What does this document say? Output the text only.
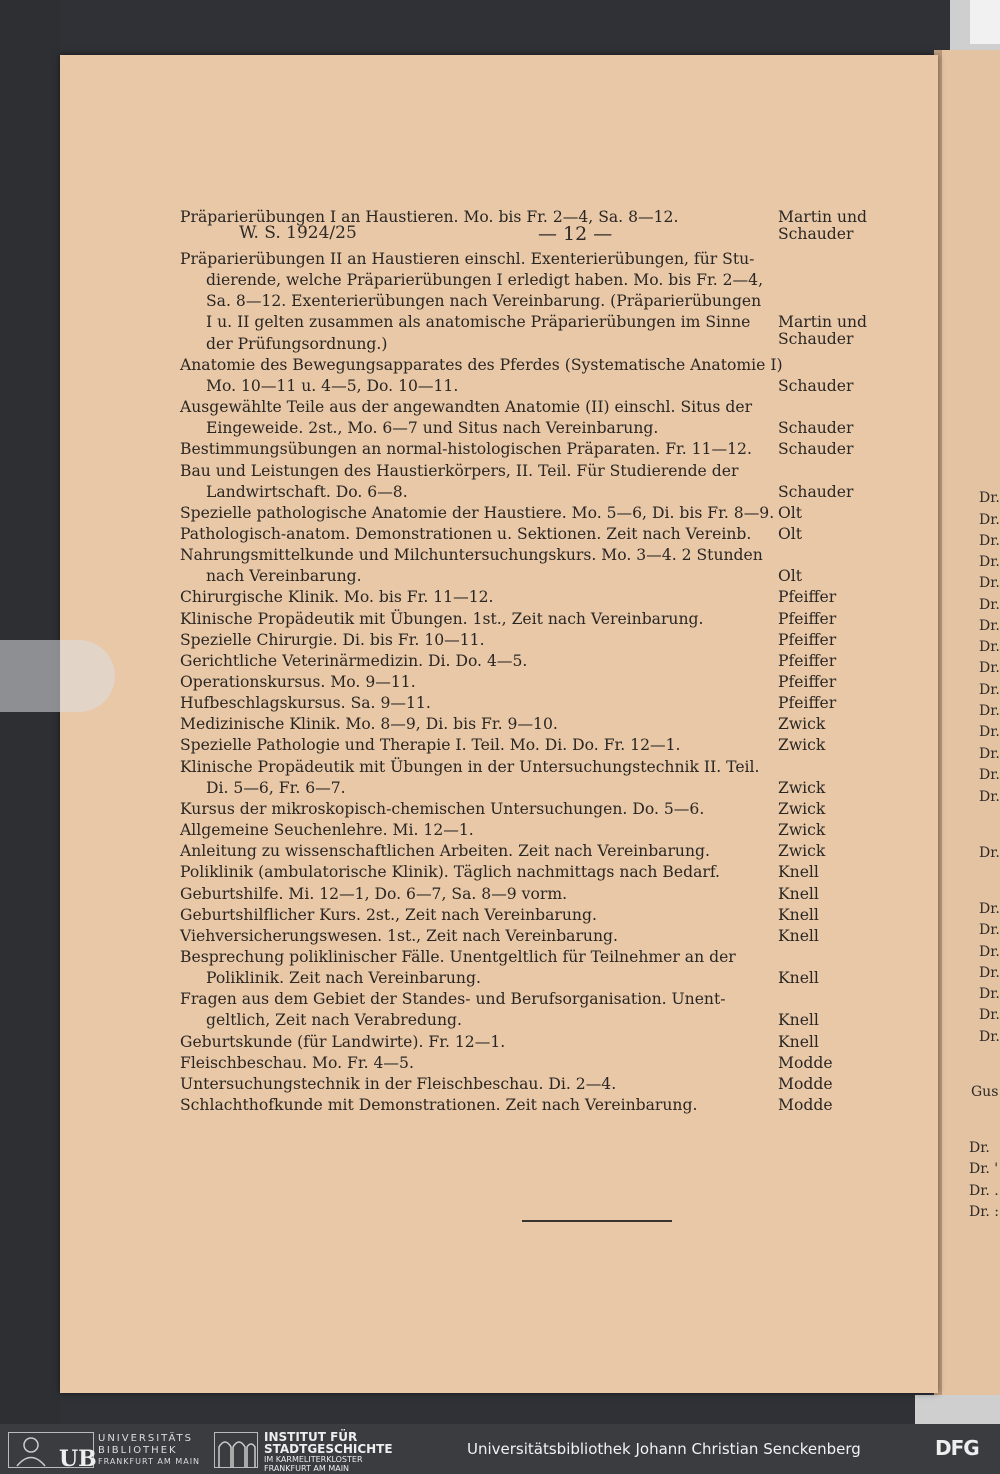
W. S. 1924/25	— 12 —
Präparierübungen I an Haustieren. Mo. bis Fr. 2—4, Sa. 8—12.	Martin und
Schauder
Präparierübungen II an Haustieren einschl. Exenterierübungen, für Stu-
dierende, welche Präparierübungen I erledigt haben. Mo. bis Fr. 2—4,
Sa. 8—12. Exenterierübungen nach Vereinbarung. (Präparierübungen
I u. II gelten zusammen als anatomische Präparierübungen im Sinne
der Prüfungsordnung.)
Martin und
Schauder
Anatomie des Bewegungsapparates des Pferdes (Systematische Anatomie I)
Mo. 10—11 u. 4—5, Do. 10—11.	Schauder
Ausgewählte Teile aus der angewandten Anatomie (II) einschl. Situs der
Eingeweide. 2st., Mo. 6—7 und Situs nach Vereinbarung.	Schauder
Bestimmungsübungen an normal-histologischen Präparaten. Fr. 11—12. Schauder
Bau und Leistungen des Haustierkörpers, II. Teil. Für Studierende der
Landwirtschaft. Do. 6—8.	Schauder
Spezielle pathologische Anatomie der Haustiere. Mo. 5—6, Di. bis Fr. 8—9. Olt
Pathologisch-anatom. Demonstrationen u. Sektionen. Zeit nach Vereinb. Olt
Nahrungsmittelkunde und Milchuntersuchungskurs. Mo. 3—4. 2 Stunden
nach Vereinbarung.	Olt
Chirurgische Klinik. Mo. bis Fr. 11—12.	Pfeiffer
Klinische Propädeutik mit Übungen. 1st., Zeit nach Vereinbarung.	Pfeiffer
Spezielle Chirurgie. Di. bis Fr. 10—11.	Pfeiffer
Gerichtliche Veterinärmedizin. Di. Do. 4—5.	Pfeiffer
Operationskursus. Mo. 9—11.	Pfeiffer
Hufbeschlagskursus. Sa. 9—11.	Pfeiffer
Medizinische Klinik. Mo. 8—9, Di. bis Fr. 9—10.	Zwick
Spezielle Pathologie und Therapie I. Teil. Mo. Di. Do. Fr. 12—1.	Zwick
Klinische Propädeutik mit Übungen in der Untersuchungstechnik II. Teil.
Di. 5—6, Fr. 6—7.	Zwick
Kursus der mikroskopisch-chemischen Untersuchungen. Do. 5—6.	Zwick
Allgemeine Seuchenlehre. Mi. 12—1.	Zwick
Anleitung zu wissenschaftlichen Arbeiten. Zeit nach Vereinbarung.	Zwick
Poliklinik (ambulatorische Klinik). Täglich nachmittags nach Bedarf.	Knell
Geburtshilfe. Mi. 12—1, Do. 6—7, Sa. 8—9 vorm.	Knell
Geburtshilflicher Kurs. 2st., Zeit nach Vereinbarung.	Knell
Viehversicherungswesen. 1st., Zeit nach Vereinbarung.	Knell
Besprechung poliklinischer Fälle. Unentgeltlich für Teilnehmer an der
Poliklinik. Zeit nach Vereinbarung.	Knell
Fragen aus dem Gebiet der Standes- und Berufsorganisation. Unent-
geltlich, Zeit nach Verabredung.	Knell
Geburtskunde (für Landwirte). Fr. 12—1.	Knell
Fleischbeschau. Mo. Fr. 4—5.	Modde
Untersuchungstechnik in der Fleischbeschau. Di. 2—4.	Modde
Schlachthofkunde mit Demonstrationen. Zeit nach Vereinbarung.	Modde
Dr.
Dr.
Dr.
Dr.
Dr.
Dr.
Dr.
Dr.
Dr.
Dr.
Dr.
Dr.
Dr.
Dr.
Dr.
Dr.
Dr.
Dr.
Dr.
Dr.
Dr.
Dr.
Dr.
Gus
Dr.
Dr. '
Dr. .
Dr. :
UB
UNIVERSITÄTS
BIBLIOTHEK
FRANKFURT AM MAIN
INSTITUT FÜR
STADTGESCHICHTE
IM KARMELITERKLOSTER
FRANKFURT AM MAIN
Universitätsbibliothek Johann Christian Senckenberg	DFG
